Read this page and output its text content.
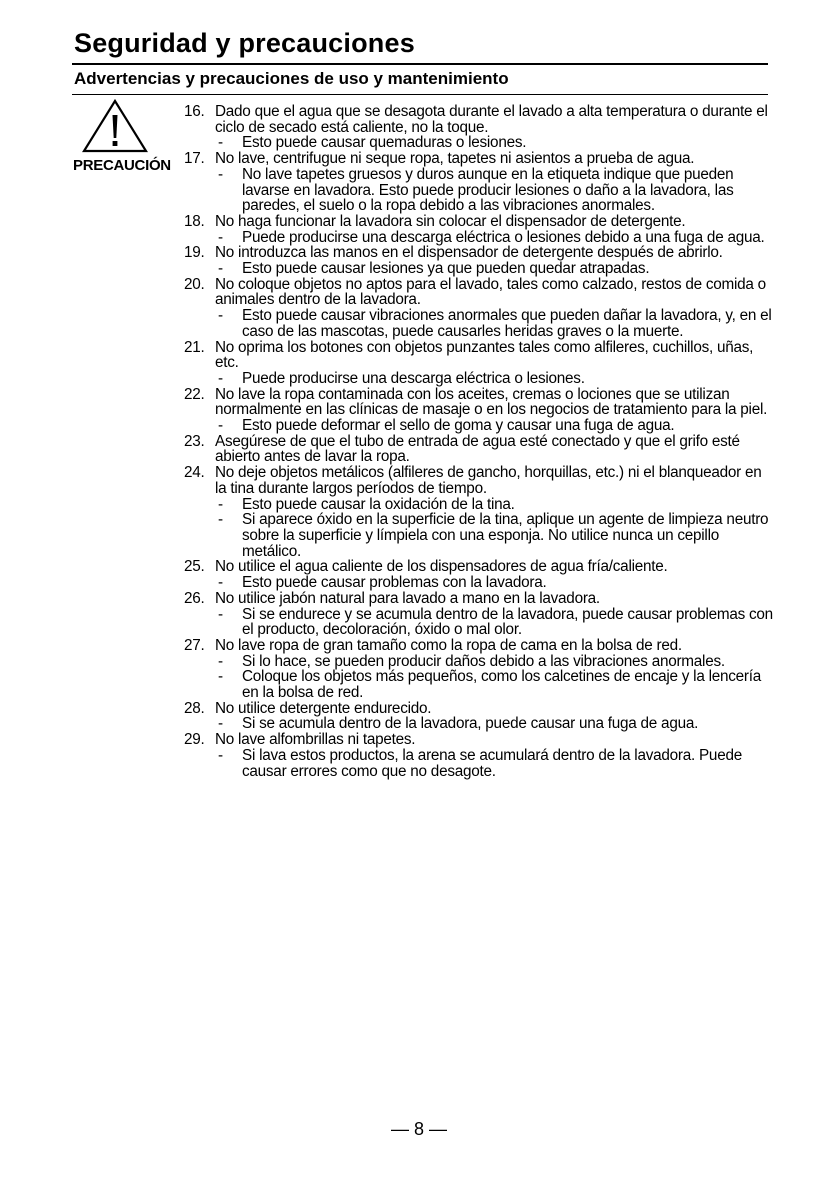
Seguridad y precauciones
Advertencias y precauciones de uso y mantenimiento
PRECAUCIÓN
16. Dado que el agua que se desagota durante el lavado a alta temperatura o durante el ciclo de secado está caliente, no la toque.
- Esto puede causar quemaduras o lesiones.
17. No lave, centrifugue ni seque ropa, tapetes ni asientos a prueba de agua.
- No lave tapetes gruesos y duros aunque en la etiqueta indique que pueden lavarse en lavadora. Esto puede producir lesiones o daño a la lavadora, las paredes, el suelo o la ropa debido a las vibraciones anormales.
18. No haga funcionar la lavadora sin colocar el dispensador de detergente.
- Puede producirse una descarga eléctrica o lesiones debido a una fuga de agua.
19. No introduzca las manos en el dispensador de detergente después de abrirlo.
- Esto puede causar lesiones ya que pueden quedar atrapadas.
20. No coloque objetos no aptos para el lavado, tales como calzado, restos de comida o animales dentro de la lavadora.
- Esto puede causar vibraciones anormales que pueden dañar la lavadora, y, en el caso de las mascotas, puede causarles heridas graves o la muerte.
21. No oprima los botones con objetos punzantes tales como alfileres, cuchillos, uñas, etc.
- Puede producirse una descarga eléctrica o lesiones.
22. No lave la ropa contaminada con los aceites, cremas o lociones que se utilizan normalmente en las clínicas de masaje o en los negocios de tratamiento para la piel.
- Esto puede deformar el sello de goma y causar una fuga de agua.
23. Asegúrese de que el tubo de entrada de agua esté conectado y que el grifo esté abierto antes de lavar la ropa.
24. No deje objetos metálicos (alfileres de gancho, horquillas, etc.) ni el blanqueador en la tina durante largos períodos de tiempo.
- Esto puede causar la oxidación de la tina.
- Si aparece óxido en la superficie de la tina, aplique un agente de limpieza neutro sobre la superficie y límpiela con una esponja. No utilice nunca un cepillo metálico.
25. No utilice el agua caliente de los dispensadores de agua fría/caliente.
- Esto puede causar problemas con la lavadora.
26. No utilice jabón natural para lavado a mano en la lavadora.
- Si se endurece y se acumula dentro de la lavadora, puede causar problemas con el producto, decoloración, óxido o mal olor.
27. No lave ropa de gran tamaño como la ropa de cama en la bolsa de red.
- Si lo hace, se pueden producir daños debido a las vibraciones anormales.
- Coloque los objetos más pequeños, como los calcetines de encaje y la lencería en la bolsa de red.
28. No utilice detergente endurecido.
- Si se acumula dentro de la lavadora, puede causar una fuga de agua.
29. No lave alfombrillas ni tapetes.
- Si lava estos productos, la arena se acumulará dentro de la lavadora. Puede causar errores como que no desagote.
— 8 —
